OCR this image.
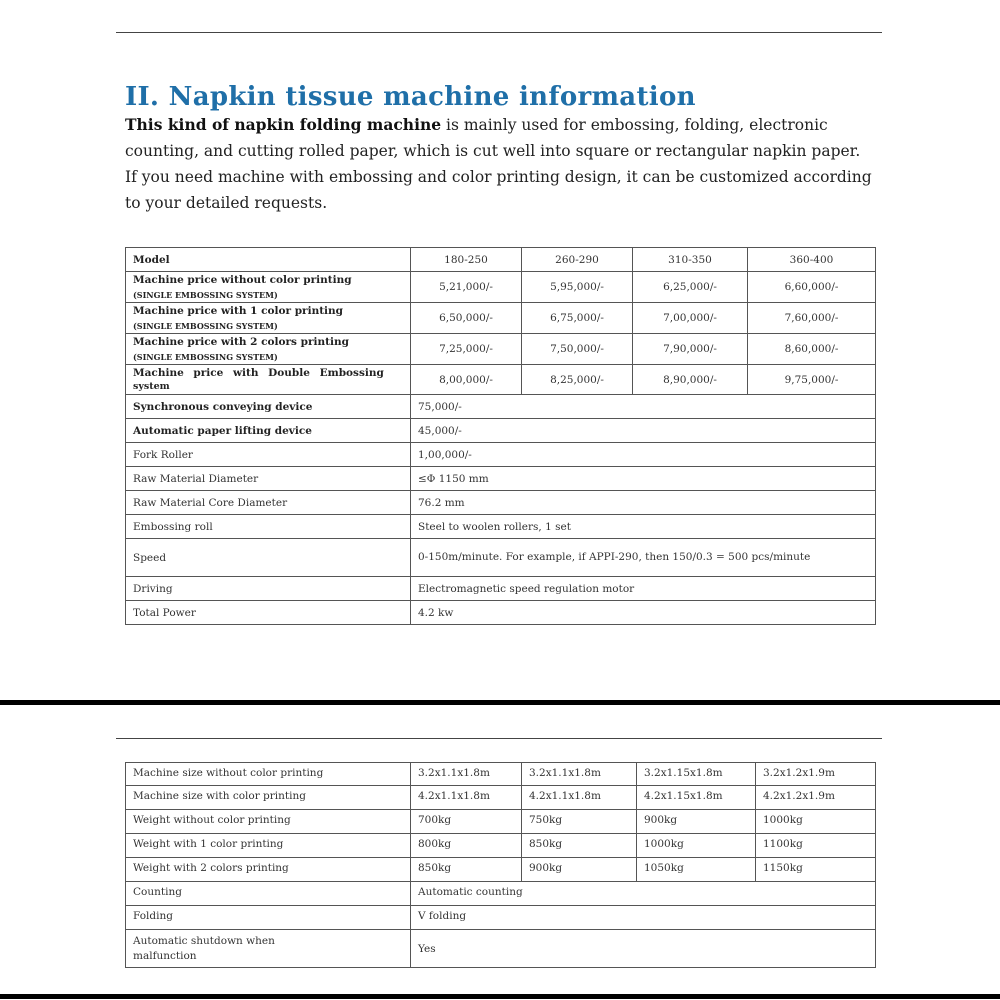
II. Napkin tissue machine information

This kind of napkin folding machine is mainly used for embossing, folding, electronic counting, and cutting rolled paper, which is cut well into square or rectangular napkin paper. If you need machine with embossing and color printing design, it can be customized according to your detailed requests.

Model	180-250	260-290	310-350	360-400

Machine price without color printing
(SINGLE EMBOSSING SYSTEM)	5,21,000/-	5,95,000/-	6,25,000/-	6,60,000/-

Machine price with 1 color printing
(SINGLE EMBOSSING SYSTEM)	6,50,000/-	6,75,000/-	7,00,000/-	7,60,000/-

Machine price with 2 colors printing
(SINGLE EMBOSSING SYSTEM)	7,25,000/-	7,50,000/-	7,90,000/-	8,60,000/-

Machine price with Double Embossing
system	8,00,000/-	8,25,000/-	8,90,000/-	9,75,000/-
Synchronous conveying device	75,000/-			
Automatic paper lifting device	45,000/-			
Fork Roller	1,00,000/-			
Raw Material Diameter	≤Φ 1150 mm			
Raw Material Core Diameter	76.2 mm			
Embossing roll	Steel to woolen rollers, 1 set			
Speed	0-150m/minute. For example, if APPI-290, then 150/0.3 = 500 pcs/minute			
Driving	Electromagnetic speed regulation motor			
Total Power	4.2 kw			
Machine size without color printing	3.2x1.1x1.8m	3.2x1.1x1.8m	3.2x1.15x1.8m	3.2x1.2x1.9m
Machine size with color printing	4.2x1.1x1.8m	4.2x1.1x1.8m	4.2x1.15x1.8m	4.2x1.2x1.9m
Weight without color printing	700kg	750kg	900kg	1000kg
Weight with 1 color printing	800kg	850kg	1000kg	1100kg
Weight with 2 colors printing	850kg	900kg	1050kg	1150kg
Counting	Automatic counting			
Folding	V folding			

Automatic shutdown when
malfunction	Yes			
